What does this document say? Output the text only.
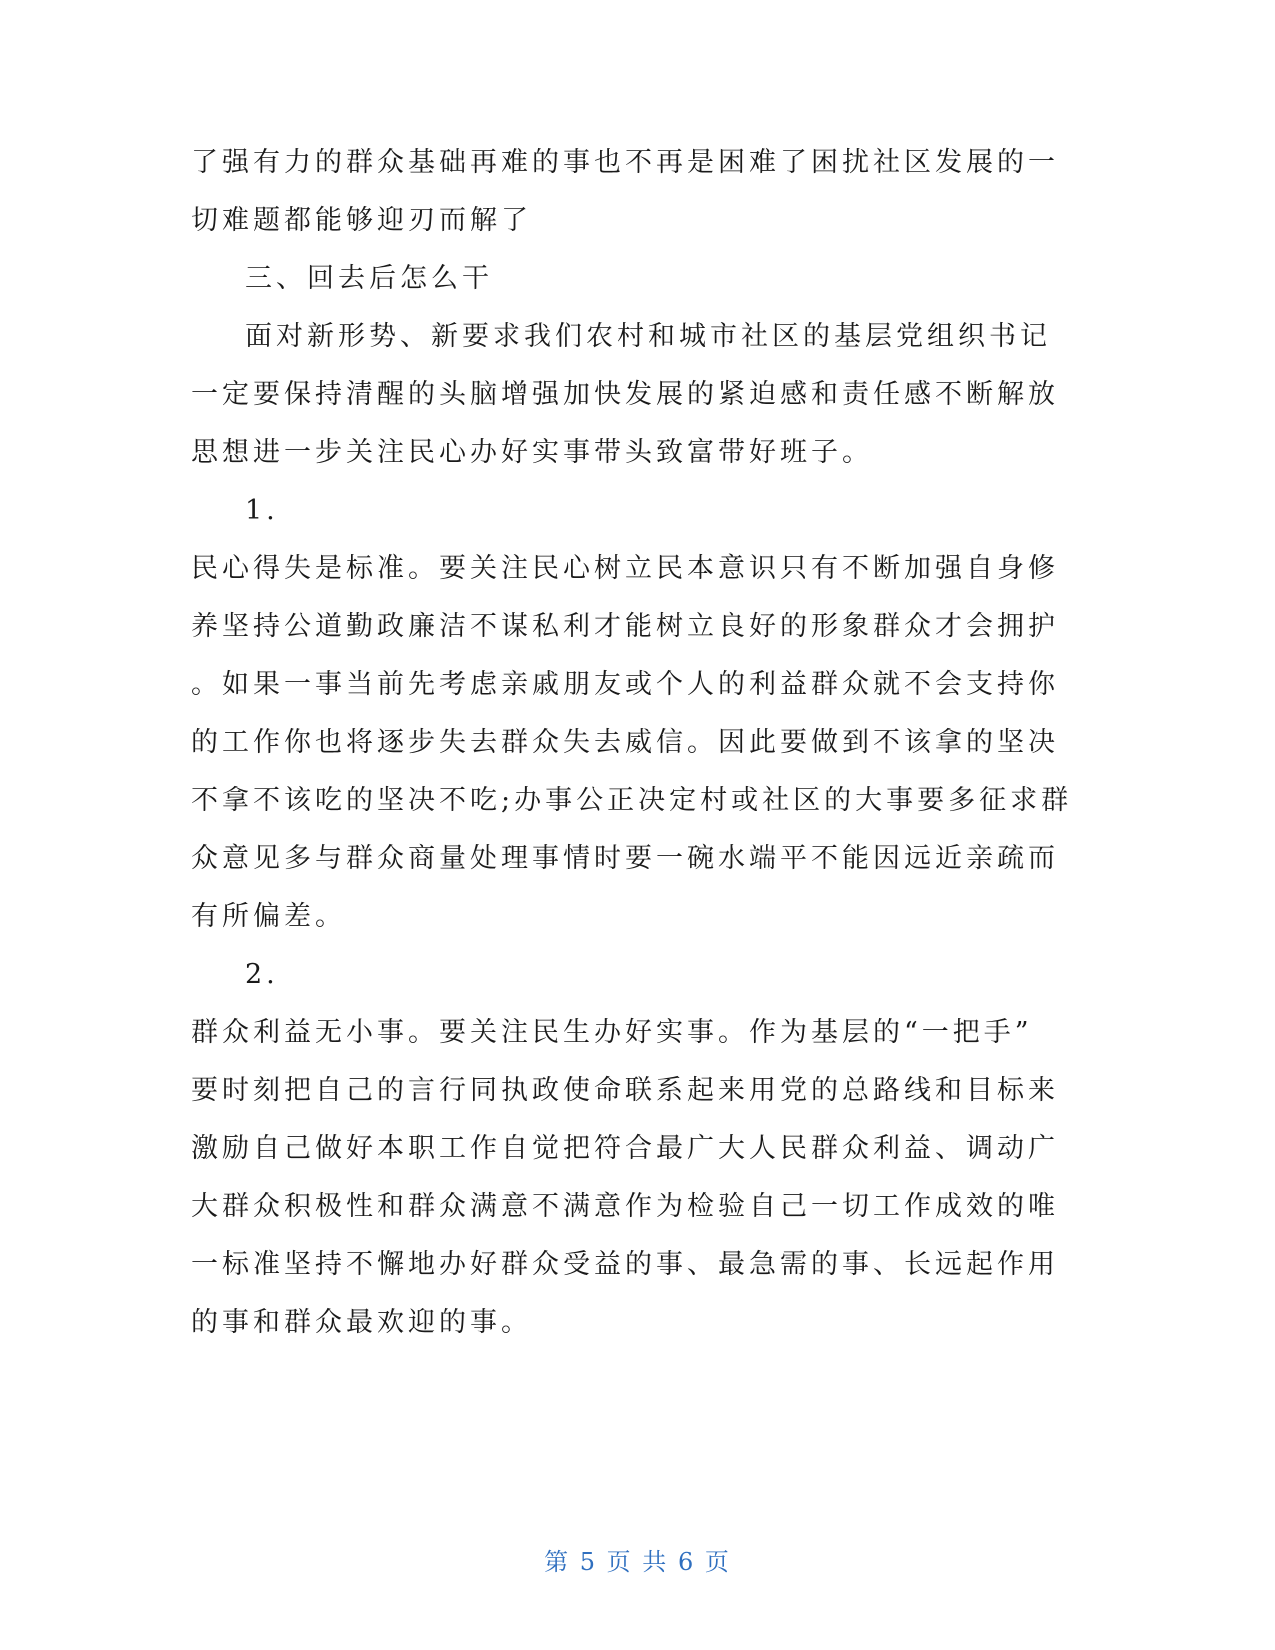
了强有力的群众基础再难的事也不再是困难了困扰社区发展的一
切难题都能够迎刃而解了
三、回去后怎么干
面对新形势、新要求我们农村和城市社区的基层党组织书记
一定要保持清醒的头脑增强加快发展的紧迫感和责任感不断解放
思想进一步关注民心办好实事带头致富带好班子。
1.
民心得失是标准。要关注民心树立民本意识只有不断加强自身修
养坚持公道勤政廉洁不谋私利才能树立良好的形象群众才会拥护
。如果一事当前先考虑亲戚朋友或个人的利益群众就不会支持你
的工作你也将逐步失去群众失去威信。因此要做到不该拿的坚决
不拿不该吃的坚决不吃;办事公正决定村或社区的大事要多征求群
众意见多与群众商量处理事情时要一碗水端平不能因远近亲疏而
有所偏差。
2.
群众利益无小事。要关注民生办好实事。作为基层的“一把手”
要时刻把自己的言行同执政使命联系起来用党的总路线和目标来
激励自己做好本职工作自觉把符合最广大人民群众利益、调动广
大群众积极性和群众满意不满意作为检验自己一切工作成效的唯
一标准坚持不懈地办好群众受益的事、最急需的事、长远起作用
的事和群众最欢迎的事。
第 5 页 共 6 页
